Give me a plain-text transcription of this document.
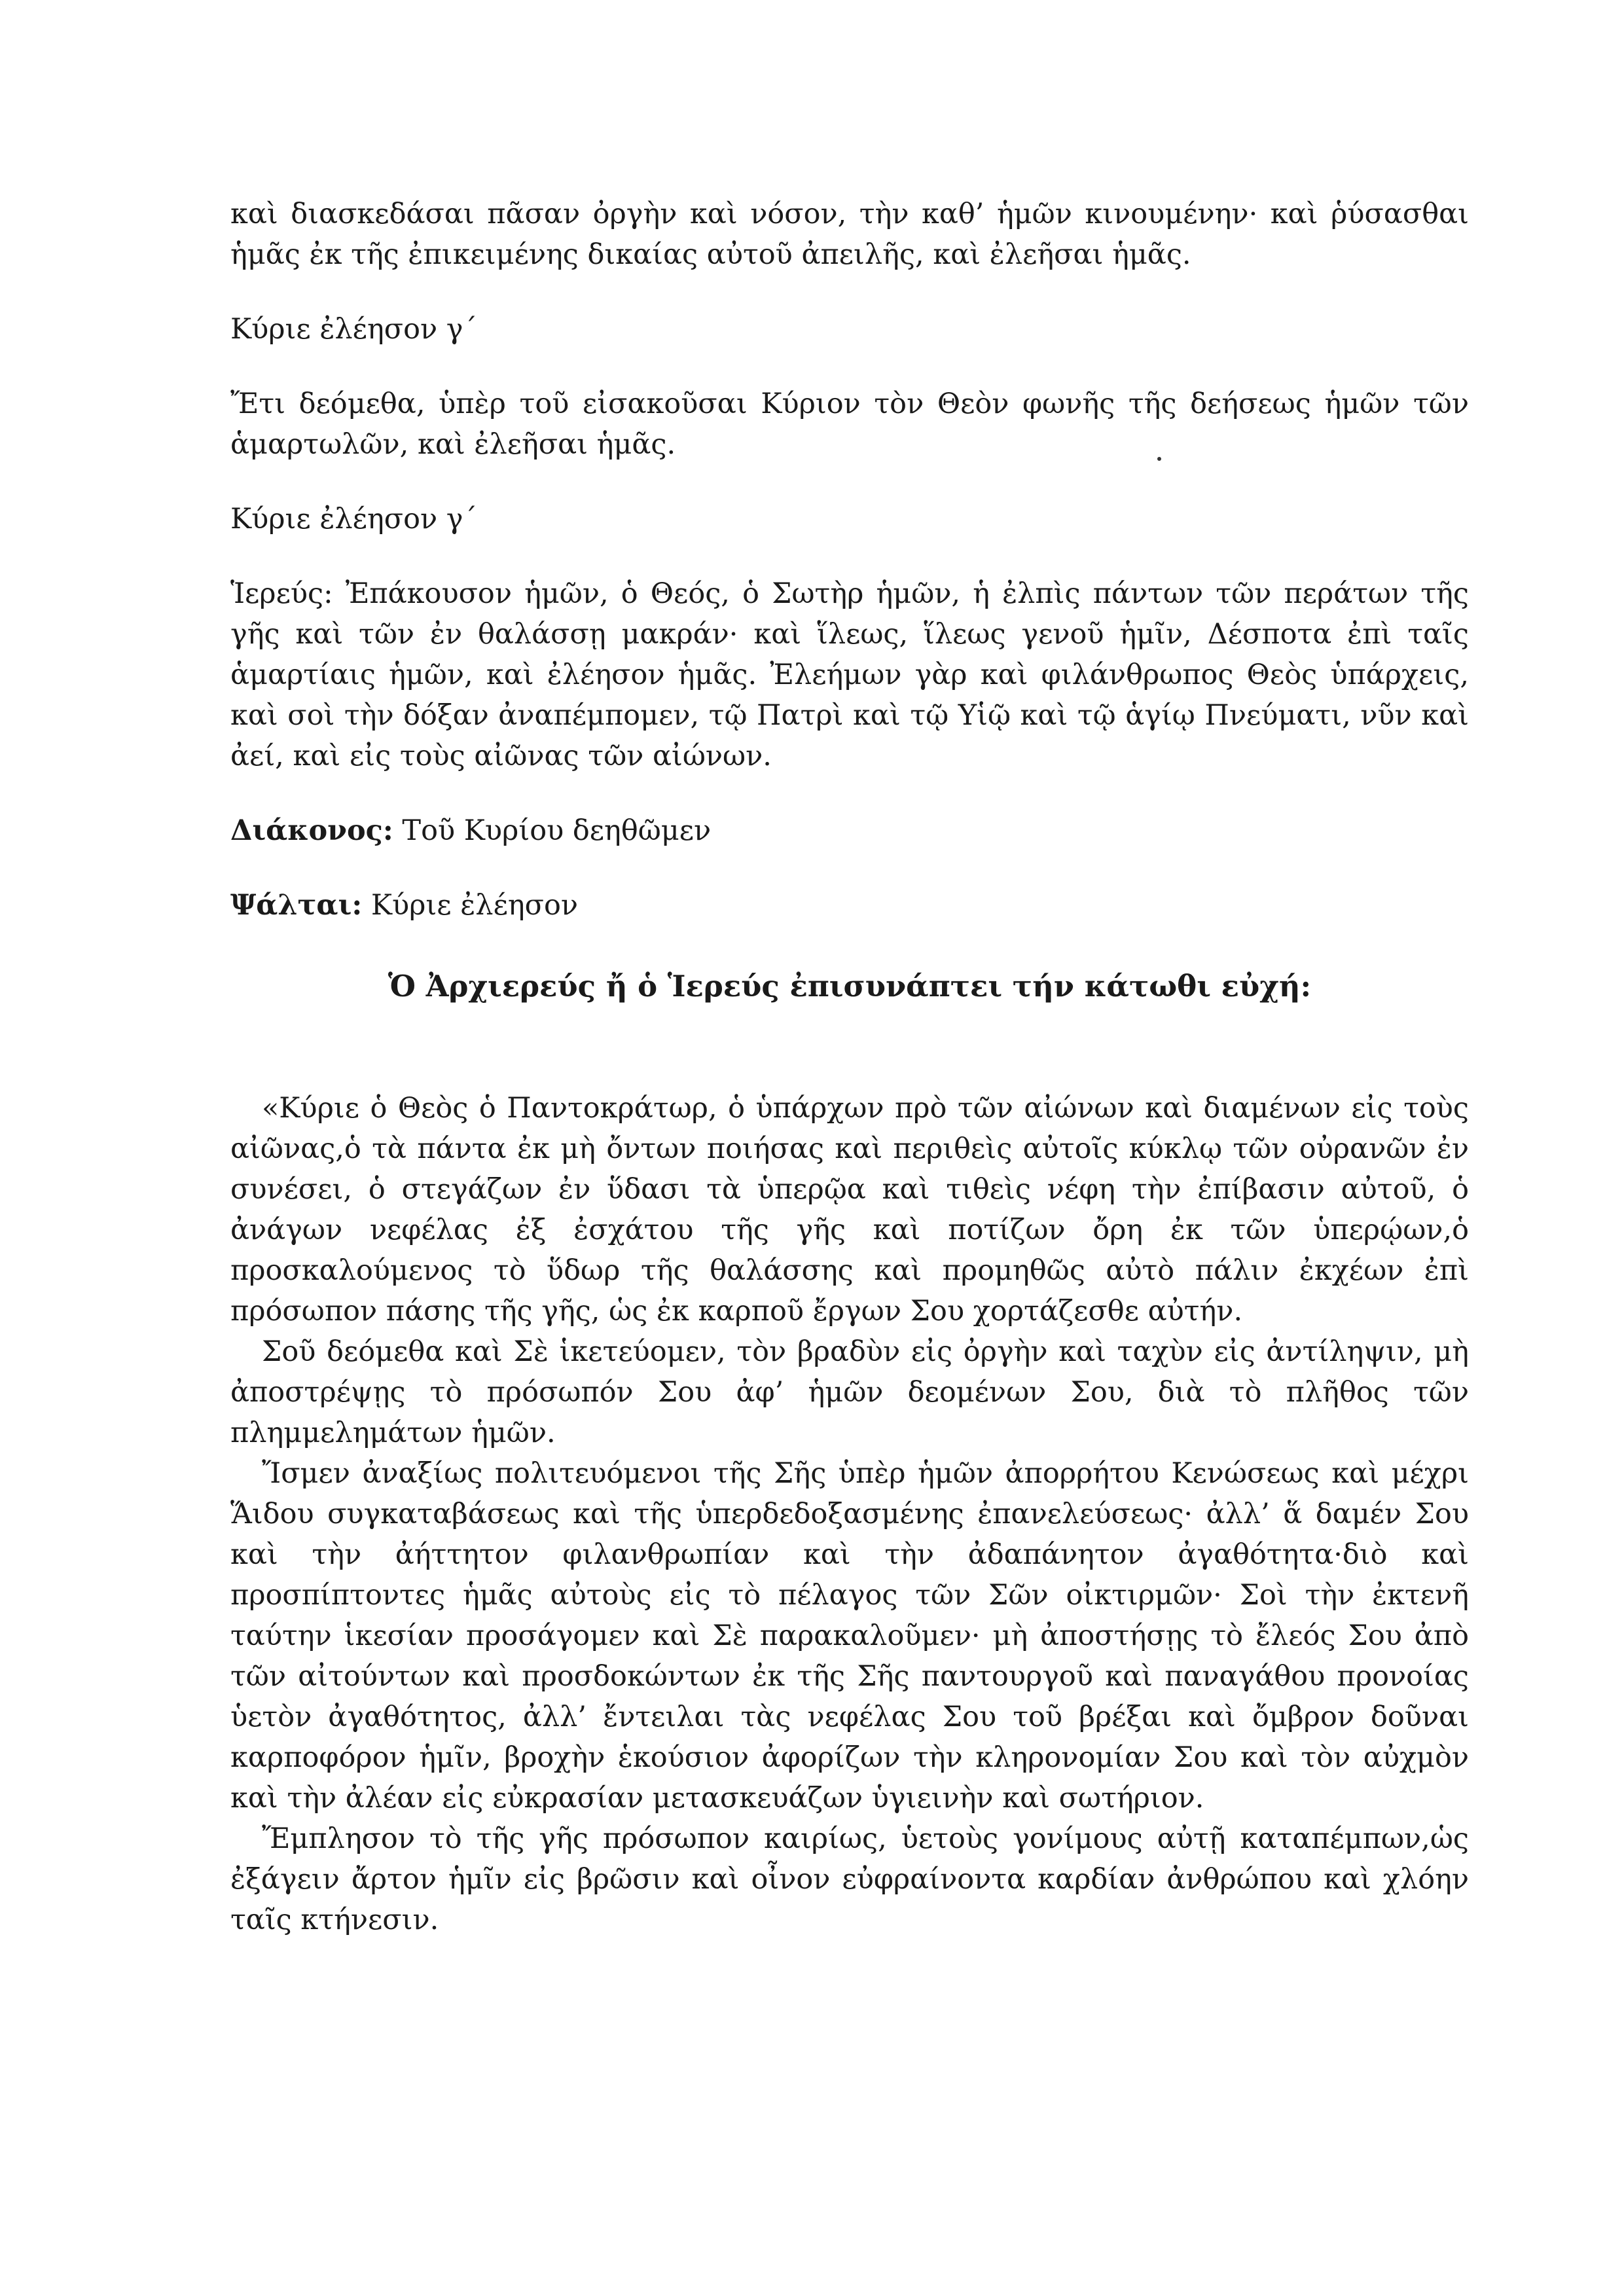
καὶ διασκεδάσαι πᾶσαν ὀργὴν καὶ νόσον, τὴν καθ’ ἡμῶν κινουμένην· καὶ ῥύσασθαι ἡμᾶς ἐκ τῆς ἐπικειμένης δικαίας αὐτοῦ ἀπειλῆς, καὶ ἐλεῆσαι ἡμᾶς.

Κύριε ἐλέησον γ΄

Ἔτι δεόμεθα, ὑπὲρ τοῦ εἰσακοῦσαι Κύριον τὸν Θεὸν φωνῆς τῆς δεήσεως ἡμῶν τῶν ἁμαρτωλῶν, καὶ ἐλεῆσαι ἡμᾶς.

Κύριε ἐλέησον γ΄

Ἱερεύς: Ἐπάκουσον ἡμῶν, ὁ Θεός, ὁ Σωτὴρ ἡμῶν, ἡ ἐλπὶς πάντων τῶν περάτων τῆς γῆς καὶ τῶν ἐν θαλάσσῃ μακράν· καὶ ἵλεως, ἵλεως γενοῦ ἡμῖν, Δέσποτα ἐπὶ ταῖς ἁμαρτίαις ἡμῶν, καὶ ἐλέησον ἡμᾶς. Ἐλεήμων γὰρ καὶ φιλάνθρωπος Θεὸς ὑπάρχεις, καὶ σοὶ τὴν δόξαν ἀναπέμπομεν, τῷ Πατρὶ καὶ τῷ Υἱῷ καὶ τῷ ἁγίῳ Πνεύματι, νῦν καὶ ἀεί, καὶ εἰς τοὺς αἰῶνας τῶν αἰώνων.

Διάκονος: Τοῦ Κυρίου δεηθῶμεν

Ψάλται: Κύριε ἐλέησον

Ὁ Ἀρχιερεύς ἤ ὁ Ἱερεύς ἐπισυνάπτει τήν κάτωθι εὐχή:

«Κύριε ὁ Θεὸς ὁ Παντοκράτωρ, ὁ ὑπάρχων πρὸ τῶν αἰώνων καὶ διαμένων εἰς τοὺς αἰῶνας,ὁ τὰ πάντα ἐκ μὴ ὄντων ποιήσας καὶ περιθεὶς αὐτοῖς κύκλῳ τῶν οὐρανῶν ἐν συνέσει, ὁ στεγάζων ἐν ὕδασι τὰ ὑπερῷα καὶ τιθεὶς νέφη τὴν ἐπίβασιν αὐτοῦ, ὁ ἀνάγων νεφέλας ἐξ ἐσχάτου τῆς γῆς καὶ ποτίζων ὄρη ἐκ τῶν ὑπερῴων,ὁ προσκαλούμενος τὸ ὕδωρ τῆς θαλάσσης καὶ προμηθῶς αὐτὸ πάλιν ἐκχέων ἐπὶ πρόσωπον πάσης τῆς γῆς, ὡς ἐκ καρποῦ ἔργων Σου χορτάζεσθε αὐτήν.

Σοῦ δεόμεθα καὶ Σὲ ἱκετεύομεν, τὸν βραδὺν εἰς ὀργὴν καὶ ταχὺν εἰς ἀντίληψιν, μὴ ἀποστρέψῃς τὸ πρόσωπόν Σου ἀφ’ ἡμῶν δεομένων Σου, διὰ τὸ πλῆθος τῶν πλημμελημάτων ἡμῶν.

Ἴσμεν ἀναξίως πολιτευόμενοι τῆς Σῆς ὑπὲρ ἡμῶν ἀπορρήτου Κενώσεως καὶ μέχρι Ἅιδου συγκαταβάσεως καὶ τῆς ὑπερδεδοξασμένης ἐπανελεύσεως· ἀλλ’ ἅ δαμέν Σου καὶ τὴν ἀήττητον φιλανθρωπίαν καὶ τὴν ἀδαπάνητον ἀγαθότητα·διὸ καὶ προσπίπτοντες ἡμᾶς αὐτοὺς εἰς τὸ πέλαγος τῶν Σῶν οἰκτιρμῶν· Σοὶ τὴν ἐκτενῆ ταύτην ἱκεσίαν προσάγομεν καὶ Σὲ παρακαλοῦμεν· μὴ ἀποστήσῃς τὸ ἔλεός Σου ἀπὸ τῶν αἰτούντων καὶ προσδοκώντων ἐκ τῆς Σῆς παντουργοῦ καὶ παναγάθου προνοίας ὑετὸν ἀγαθότητος, ἀλλ’ ἔντειλαι τὰς νεφέλας Σου τοῦ βρέξαι καὶ ὄμβρον δοῦναι καρποφόρον ἡμῖν, βροχὴν ἑκούσιον ἀφορίζων τὴν κληρονομίαν Σου καὶ τὸν αὐχμὸν καὶ τὴν ἀλέαν εἰς εὐκρασίαν μετασκευάζων ὑγιεινὴν καὶ σωτήριον.

Ἔμπλησον τὸ τῆς γῆς πρόσωπον καιρίως, ὑετοὺς γονίμους αὐτῇ καταπέμπων,ὡς ἐξάγειν ἄρτον ἡμῖν εἰς βρῶσιν καὶ οἶνον εὐφραίνοντα καρδίαν ἀνθρώπου καὶ χλόην ταῖς κτήνεσιν.
